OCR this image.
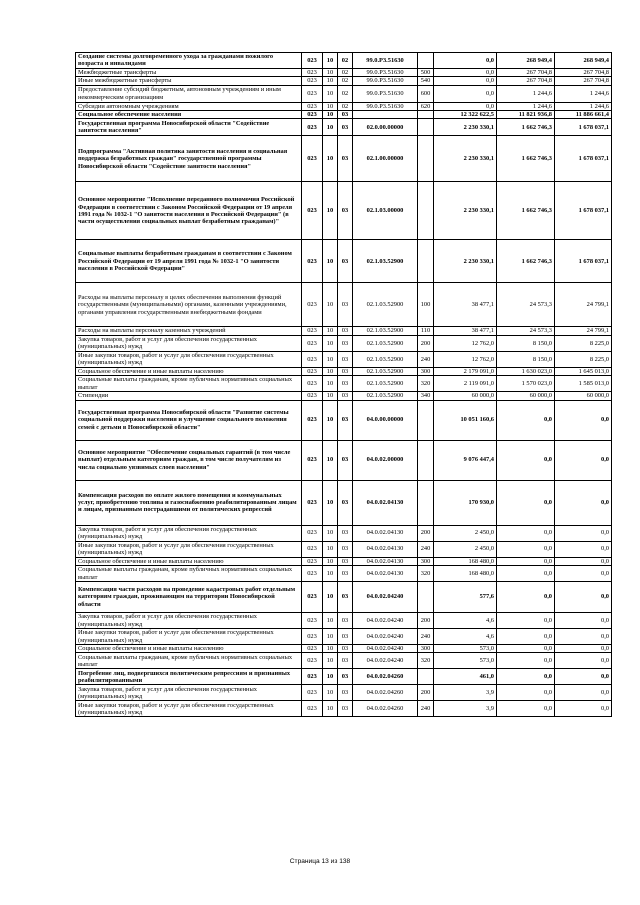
Создание системы долговременного ухода за гражданами пожилого возраста и инвалидами	023	10	02	99.0.P3.51630		0,0	268 949,4	268 949,4
Межбюджетные трансферты	023	10	02	99.0.P3.51630	500	0,0	267 704,8	267 704,8
Иные межбюджетные трансферты	023	10	02	99.0.P3.51630	540	0,0	267 704,8	267 704,8
Предоставление субсидий бюджетным, автономным учреждениям и иным некоммерческим организациям	023	10	02	99.0.P3.51630	600	0,0	1 244,6	1 244,6
Субсидии автономным учреждениям	023	10	02	99.0.P3.51630	620	0,0	1 244,6	1 244,6
Социальное обеспечение населения	023	10	03			12 322 622,5	11 821 936,8	11 886 661,4
Государственная программа Новосибирской области "Содействие занятости населения"	023	10	03	02.0.00.00000		2 230 330,1	1 662 746,3	1 678 037,1
Подпрограмма "Активная политика занятости населения и социальная поддержка безработных граждан" государственной программы Новосибирской области "Содействие занятости населения"	023	10	03	02.1.00.00000		2 230 330,1	1 662 746,3	1 678 037,1
Основное мероприятие "Исполнение переданного полномочия Российской Федерации в соответствии с Законом Российской Федерации от 19 апреля 1991 года № 1032-1 "О занятости населения в Российской Федерации" (в части осуществления социальных выплат безработным гражданам)"	023	10	03	02.1.03.00000		2 230 330,1	1 662 746,3	1 678 037,1
Социальные выплаты безработным гражданам в соответствии с Законом Российской Федерации от 19 апреля 1991 года № 1032-1 "О занятости населения в Российской Федерации"	023	10	03	02.1.03.52900		2 230 330,1	1 662 746,3	1 678 037,1
Расходы на выплаты персоналу в целях обеспечения выполнения функций государственными (муниципальными) органами, казенными учреждениями, органами управления государственными внебюджетными фондами	023	10	03	02.1.03.52900	100	38 477,1	24 573,3	24 799,1
Расходы на выплаты персоналу казенных учреждений	023	10	03	02.1.03.52900	110	38 477,1	24 573,3	24 799,1
Закупка товаров, работ и услуг для обеспечения государственных (муниципальных) нужд	023	10	03	02.1.03.52900	200	12 762,0	8 150,0	8 225,0
Иные закупки товаров, работ и услуг для обеспечения государственных (муниципальных) нужд	023	10	03	02.1.03.52900	240	12 762,0	8 150,0	8 225,0
Социальное обеспечение и иные выплаты населению	023	10	03	02.1.03.52900	300	2 179 091,0	1 630 023,0	1 645 013,0
Социальные выплаты гражданам, кроме публичных нормативных социальных выплат	023	10	03	02.1.03.52900	320	2 119 091,0	1 570 023,0	1 585 013,0
Стипендии	023	10	03	02.1.03.52900	340	60 000,0	60 000,0	60 000,0
Государственная программа Новосибирской области "Развитие системы социальной поддержки населения и улучшение социального положения семей с детьми в Новосибирской области"	023	10	03	04.0.00.00000		10 051 160,6	0,0	0,0
Основное мероприятие "Обеспечение социальных гарантий (в том числе выплат) отдельным категориям граждан, в том числе получателям из числа социально уязвимых слоев населения"	023	10	03	04.0.02.00000		9 076 447,4	0,0	0,0
Компенсация расходов по оплате жилого помещения и коммунальных услуг, приобретению топлива и газоснабжению реабилитированным лицам и лицам, признанным пострадавшими от политических репрессий	023	10	03	04.0.02.04130		170 930,0	0,0	0,0
Закупка товаров, работ и услуг для обеспечения государственных (муниципальных) нужд	023	10	03	04.0.02.04130	200	2 450,0	0,0	0,0
Иные закупки товаров, работ и услуг для обеспечения государственных (муниципальных) нужд	023	10	03	04.0.02.04130	240	2 450,0	0,0	0,0
Социальное обеспечение и иные выплаты населению	023	10	03	04.0.02.04130	300	168 480,0	0,0	0,0
Социальные выплаты гражданам, кроме публичных нормативных социальных выплат	023	10	03	04.0.02.04130	320	168 480,0	0,0	0,0
Компенсация части расходов на проведение кадастровых работ отдельным категориям граждан, проживающим на территории Новосибирской области	023	10	03	04.0.02.04240		577,6	0,0	0,0
Закупка товаров, работ и услуг для обеспечения государственных (муниципальных) нужд	023	10	03	04.0.02.04240	200	4,6	0,0	0,0
Иные закупки товаров, работ и услуг для обеспечения государственных (муниципальных) нужд	023	10	03	04.0.02.04240	240	4,6	0,0	0,0
Социальное обеспечение и иные выплаты населению	023	10	03	04.0.02.04240	300	573,0	0,0	0,0
Социальные выплаты гражданам, кроме публичных нормативных социальных выплат	023	10	03	04.0.02.04240	320	573,0	0,0	0,0
Погребение лиц, подвергшихся политическим репрессиям и признанных реабилитированными	023	10	03	04.0.02.04260		461,0	0,0	0,0
Закупка товаров, работ и услуг для обеспечения государственных (муниципальных) нужд	023	10	03	04.0.02.04260	200	3,9	0,0	0,0
Иные закупки товаров, работ и услуг для обеспечения государственных (муниципальных) нужд	023	10	03	04.0.02.04260	240	3,9	0,0	0,0
Страница 13 из 138
